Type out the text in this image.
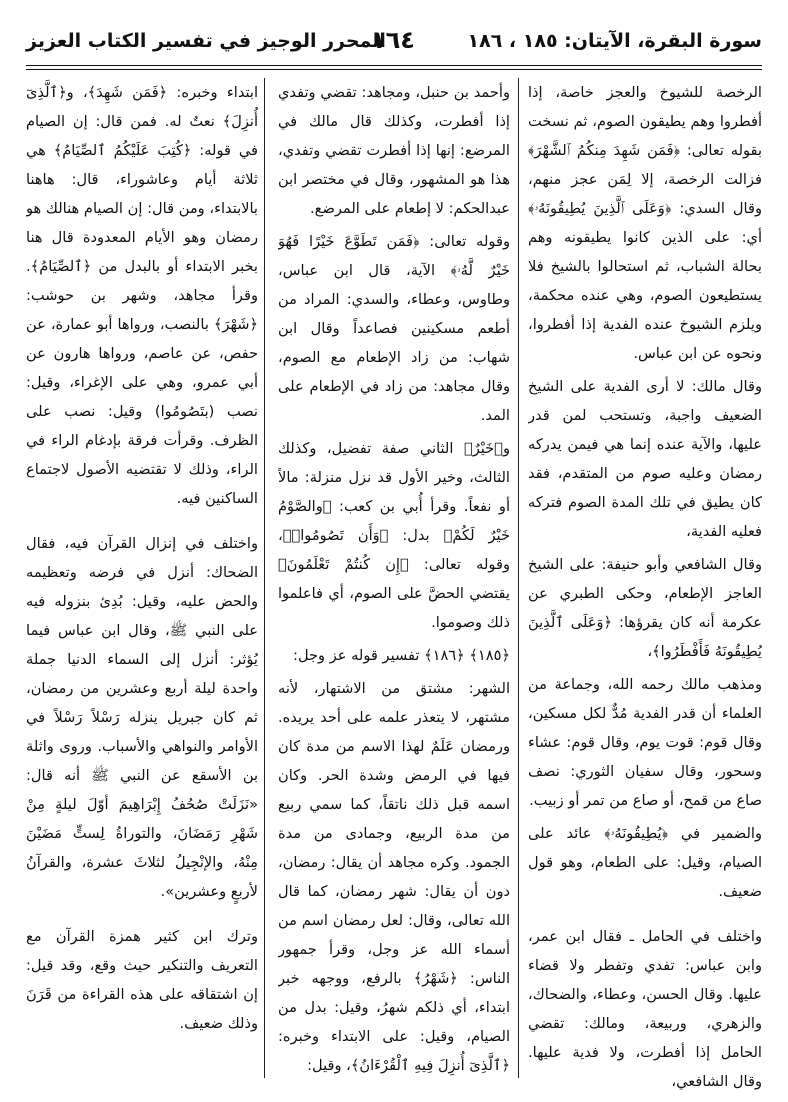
سورة البقرة، الآيتان: ١٨٥ ، ١٨٦
١٦٤
المحرر الوجيز في تفسير الكتاب العزيز

الرخصة للشيوخ والعجز خاصة، إذا أفطروا وهم يطيقون الصوم، ثم نسخت بقوله تعالى: ﴿فَمَن شَهِدَ مِنكُمُ ٱلشَّهْرَ﴾ فزالت الرخصة، إلا لِمَن عجز منهم، وقال السدي: ﴿وَعَلَى ٱلَّذِينَ يُطِيقُونَهُۥ﴾ أي: على الذين كانوا يطيقونه وهم بحالة الشباب، ثم استحالوا بالشيخ فلا يستطيعون الصوم، وهي عنده محكمة، ويلزم الشيوخ عنده الفدية إذا أفطروا، ونحوه عن ابن عباس.

وقال مالك: لا أرى الفدية على الشيخ الضعيف واجبة، وتستحب لمن قدر عليها، والآية عنده إنما هي فيمن يدركه رمضان وعليه صوم من المتقدم، فقد كان يطيق في تلك المدة الصوم فتركه فعليه الفدية،

وقال الشافعي وأبو حنيفة: على الشيخ العاجز الإطعام، وحكى الطبري عن عكرمة أنه كان يقرؤها: ﴿وَعَلَى ٱلَّذِينَ يُطِيقُونَهُ فَأَفْطَرُوا﴾،

ومذهب مالك رحمه الله، وجماعة من العلماء أن قدر الفدية مُدٌّ لكل مسكين، وقال قوم: قوت يوم، وقال قوم: عشاء وسحور، وقال سفيان الثوري: نصف صاع من قمح، أو صاع من تمر أو زبيب.

والضمير في ﴿يُطِيقُونَهُۥ﴾ عائد على الصيام، وقيل: على الطعام، وهو قول ضعيف.

واختلف في الحامل ـ فقال ابن عمر، وابن عباس: تفدي وتفطر ولا قضاء عليها. وقال الحسن، وعطاء، والضحاك، والزهري، وربيعة، ومالك: تقضي الحامل إذا أفطرت، ولا فدية عليها. وقال الشافعي،

وأحمد بن حنبل، ومجاهد: تقضي وتفدي إذا أفطرت، وكذلك قال مالك في المرضع: إنها إذا أفطرت تقضي وتفدي، هذا هو المشهور، وقال في مختصر ابن عبدالحكم: لا إطعام على المرضع.

وقوله تعالى: ﴿فَمَن تَطَوَّعَ خَيْرًا فَهُوَ خَيْرٌ لَّهُۥ﴾ الآية، قال ابن عباس، وطاوس، وعطاء، والسدي: المراد من أطعم مسكينين فصاعداً وقال ابن شهاب: من زاد الإطعام مع الصوم، وقال مجاهد: من زاد في الإطعام على المد.

و﴿خَيْرٌ﴾ الثاني صفة تفضيل، وكذلك الثالث، وخير الأول قد نزل منزلة: مالاً أو نفعاً. وقرأ أُبي بن كعب: ﴿والصَّوْمُ خَيْرٌ لَكُمْ﴾ بدل: ﴿وَأَن تَصُومُوا۟﴾، وقوله تعالى: ﴿إِن كُنتُمْ تَعْلَمُونَ﴾ يقتضي الحضَّ على الصوم، أي فاعلموا ذلك وصوموا.

﴿١٨٥﴾ ﴿١٨٦﴾ تفسير قوله عز وجل:

الشهر: مشتق من الاشتهار، لأنه مشتهر، لا يتعذر علمه على أحد يريده. ورمضان عَلَمٌ لهذا الاسم من مدة كان فيها في الرمض وشدة الحر. وكان اسمه قبل ذلك ناتقاً، كما سمي ربيع من مدة الربيع، وجمادى من مدة الجمود. وكره مجاهد أن يقال: رمضان، دون أن يقال: شهر رمضان، كما قال الله تعالى، وقال: لعل رمضان اسم من أسماء الله عز وجل، وقرأ جمهور الناس: ﴿شَهْرُ﴾ بالرفع، ووجهه خبر ابتداء، أي ذلكم شهرُ، وقيل: بدل من الصيام، وقيل: على الابتداء وخبره: ﴿ٱلَّذِىٓ أُنزِلَ فِيهِ ٱلْقُرْءَانُ﴾، وقيل:

ابتداء وخبره: ﴿فَمَن شَهِدَ﴾، و﴿ٱلَّذِىٓ أُنزِلَ﴾ نعتٌ له. فمن قال: إن الصيام في قوله: ﴿كُتِبَ عَلَيْكُمُ ٱلصِّيَامُ﴾ هي ثلاثة أيام وعاشوراء، قال: هاهنا بالابتداء، ومن قال: إن الصيام هنالك هو رمضان وهو الأيام المعدودة قال هنا بخبر الابتداء أو بالبدل من ﴿ٱلصِّيَامُ﴾. وقرأ مجاهد، وشهر بن حوشب: ﴿شَهْرَ﴾ بالنصب، ورواها أبو عمارة، عن حفص، عن عاصم، ورواها هارون عن أبي عمرو، وهي على الإغراء، وقيل: نصب (بتَصُومُوا) وقيل: نصب على الظرف. وقرأت فرقة بإدغام الراء في الراء، وذلك لا تقتضيه الأصول لاجتماع الساكنين فيه.

واختلف في إنزال القرآن فيه، فقال الضحاك: أنزل في فرضه وتعظيمه والحض عليه، وقيل: بُدِئ بنزوله فيه على النبي ﷺ، وقال ابن عباس فيما يُؤثر: أنزل إلى السماء الدنيا جملة واحدة ليلة أربع وعشرين من رمضان، ثم كان جبريل ينزله رَسْلاً رَسْلاً في الأوامر والنواهي والأسباب. وروى واثلة بن الأسقع عن النبي ﷺ أنه قال: «نَزَلَتْ صُحُفُ إِبْرَاهِيمَ أوّلَ ليلةٍ مِنْ شَهْرِ رَمَضَانَ، والتوراةُ لِستٍّ مَضَيْنَ مِنْهُ، والإنْجِيلُ لثلاثَ عشرة، والقرآنُ لأربعٍ وعشرين».

وترك ابن كثير همزة القرآن مع التعريف والتنكير حيث وقع، وقد قيل: إن اشتقاقه على هذه القراءة من قَرَنَ وذلك ضعيف.
